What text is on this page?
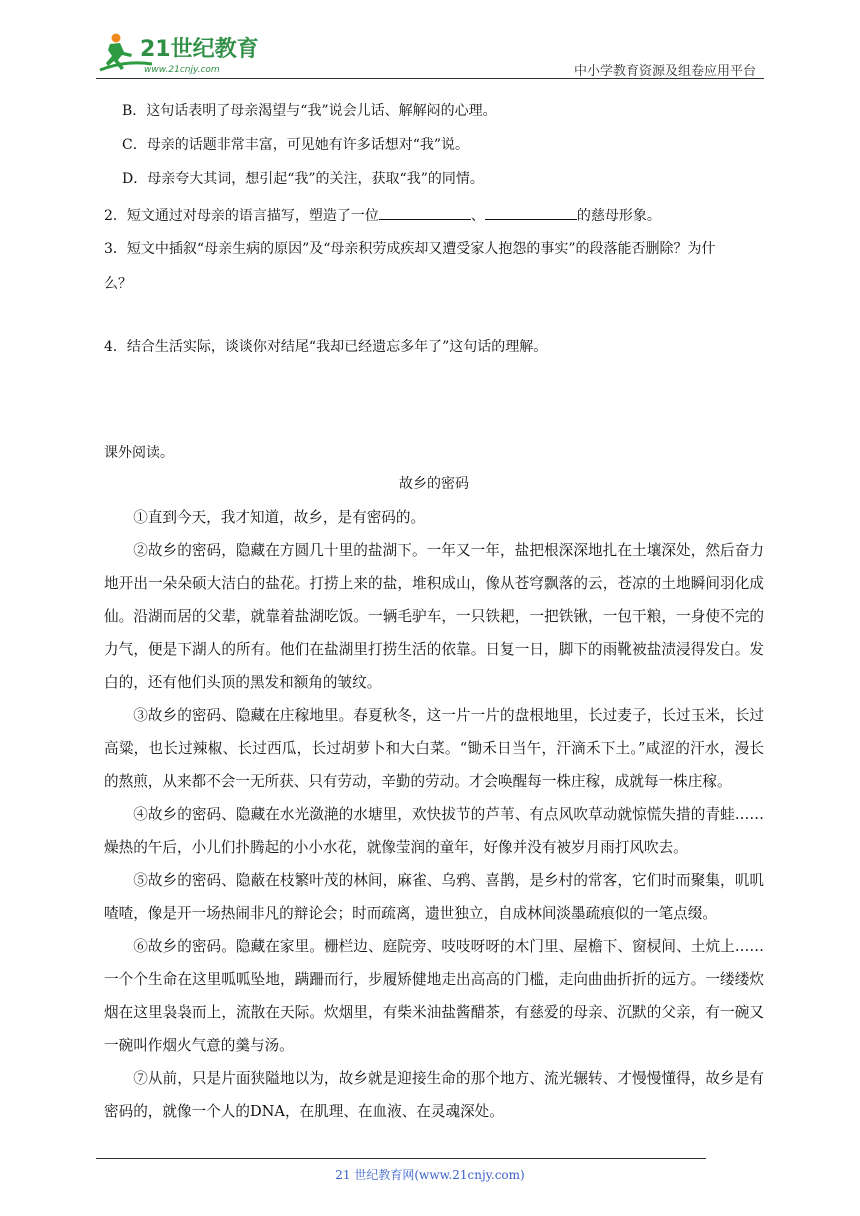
21世纪教育
www.21cnjy.com	中小学教育资源及组卷应用平台
B．这句话表明了母亲渴望与“我”说会儿话、解解闷的心理。
C．母亲的话题非常丰富，可见她有许多话想对“我”说。
D．母亲夸大其词，想引起“我”的关注，获取“我”的同情。
2．短文通过对母亲的语言描写，塑造了一位	、	的慈母形象。
3．短文中插叙“母亲生病的原因”及“母亲积劳成疾却又遭受家人抱怨的事实”的段落能否删除？为什
么？
4．结合生活实际，谈谈你对结尾“我却已经遗忘多年了”这句话的理解。
课外阅读。
故乡的密码

①直到今天，我才知道，故乡，是有密码的。

②故乡的密码，隐藏在方圆几十里的盐湖下。一年又一年，盐把根深深地扎在土壤深处，然后奋力地开出一朵朵硕大洁白的盐花。打捞上来的盐，堆积成山，像从苍穹飘落的云，苍凉的土地瞬间羽化成仙。沿湖而居的父辈，就靠着盐湖吃饭。一辆毛驴车，一只铁耙，一把铁锹，一包干粮，一身使不完的力气，便是下湖人的所有。他们在盐湖里打捞生活的依靠。日复一日，脚下的雨靴被盐渍浸得发白。发白的，还有他们头顶的黑发和额角的皱纹。

③故乡的密码、隐藏在庄稼地里。春夏秋冬，这一片一片的盘根地里，长过麦子，长过玉米，长过高粱，也长过辣椒、长过西瓜，长过胡萝卜和大白菜。“锄禾日当午，汗滴禾下土。”咸涩的汗水，漫长的熬煎，从来都不会一无所获、只有劳动，辛勤的劳动。才会唤醒每一株庄稼，成就每一株庄稼。

④故乡的密码、隐藏在水光潋滟的水塘里，欢快拔节的芦苇、有点风吹草动就惊慌失措的青蛙……燥热的午后，小儿们扑腾起的小小水花，就像莹润的童年，好像并没有被岁月雨打风吹去。

⑤故乡的密码、隐蔽在枝繁叶茂的林间，麻雀、乌鸦、喜鹊，是乡村的常客，它们时而聚集，叽叽喳喳，像是开一场热闹非凡的辩论会；时而疏离，遗世独立，自成林间淡墨疏痕似的一笔点缀。

⑥故乡的密码。隐藏在家里。栅栏边、庭院旁、吱吱呀呀的木门里、屋檐下、窗棂间、土炕上……一个个生命在这里呱呱坠地，蹒跚而行，步履矫健地走出高高的门槛，走向曲曲折折的远方。一缕缕炊烟在这里袅袅而上，流散在天际。炊烟里，有柴米油盐酱醋茶，有慈爱的母亲、沉默的父亲，有一碗又一碗叫作烟火气意的羹与汤。

⑦从前，只是片面狭隘地以为，故乡就是迎接生命的那个地方、流光辗转、才慢慢懂得，故乡是有密码的，就像一个人的DNA，在肌理、在血液、在灵魂深处。

21 世纪教育网(www.21cnjy.com)
